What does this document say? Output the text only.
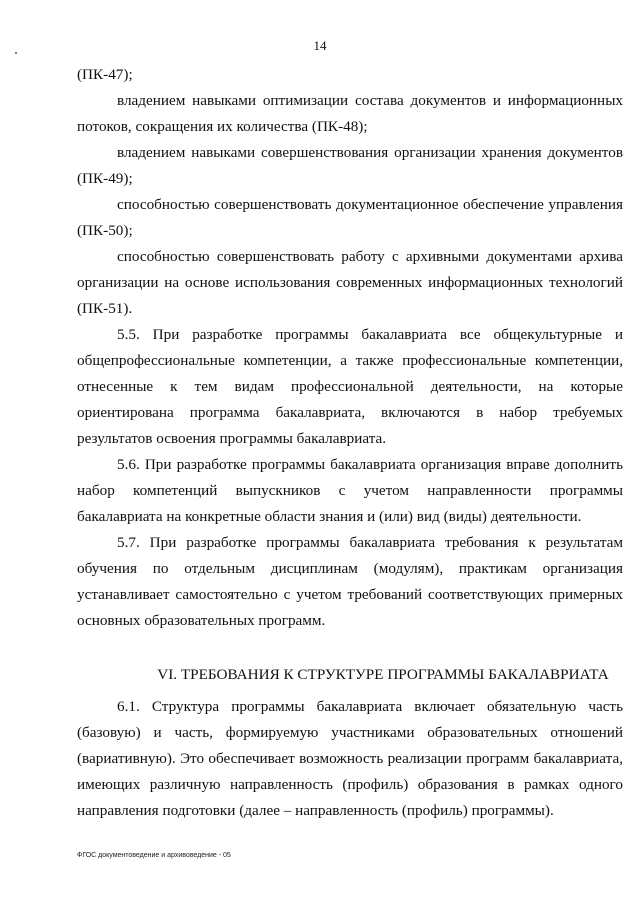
14

(ПК-47);

владением навыками оптимизации состава документов и информационных потоков, сокращения их количества (ПК-48);

владением навыками совершенствования организации хранения документов (ПК-49);

способностью совершенствовать документационное обеспечение управления (ПК-50);

способностью совершенствовать работу с архивными документами архива организации на основе использования современных информационных технологий (ПК-51).

5.5. При разработке программы бакалавриата все общекультурные и общепрофессиональные компетенции, а также профессиональные компетенции, отнесенные к тем видам профессиональной деятельности, на которые ориентирована программа бакалавриата, включаются в набор требуемых результатов освоения программы бакалавриата.

5.6. При разработке программы бакалавриата организация вправе дополнить набор компетенций выпускников с учетом направленности программы бакалавриата на конкретные области знания и (или) вид (виды) деятельности.

5.7. При разработке программы бакалавриата требования к результатам обучения по отдельным дисциплинам (модулям), практикам организация устанавливает самостоятельно с учетом требований соответствующих примерных основных образовательных программ.

VI. ТРЕБОВАНИЯ К СТРУКТУРЕ ПРОГРАММЫ БАКАЛАВРИАТА

6.1. Структура программы бакалавриата включает обязательную часть (базовую) и часть, формируемую участниками образовательных отношений (вариативную). Это обеспечивает возможность реализации программ бакалавриата, имеющих различную направленность (профиль) образования в рамках одного направления подготовки (далее – направленность (профиль) программы).

ФГОС документоведение и архивоведение - 05
